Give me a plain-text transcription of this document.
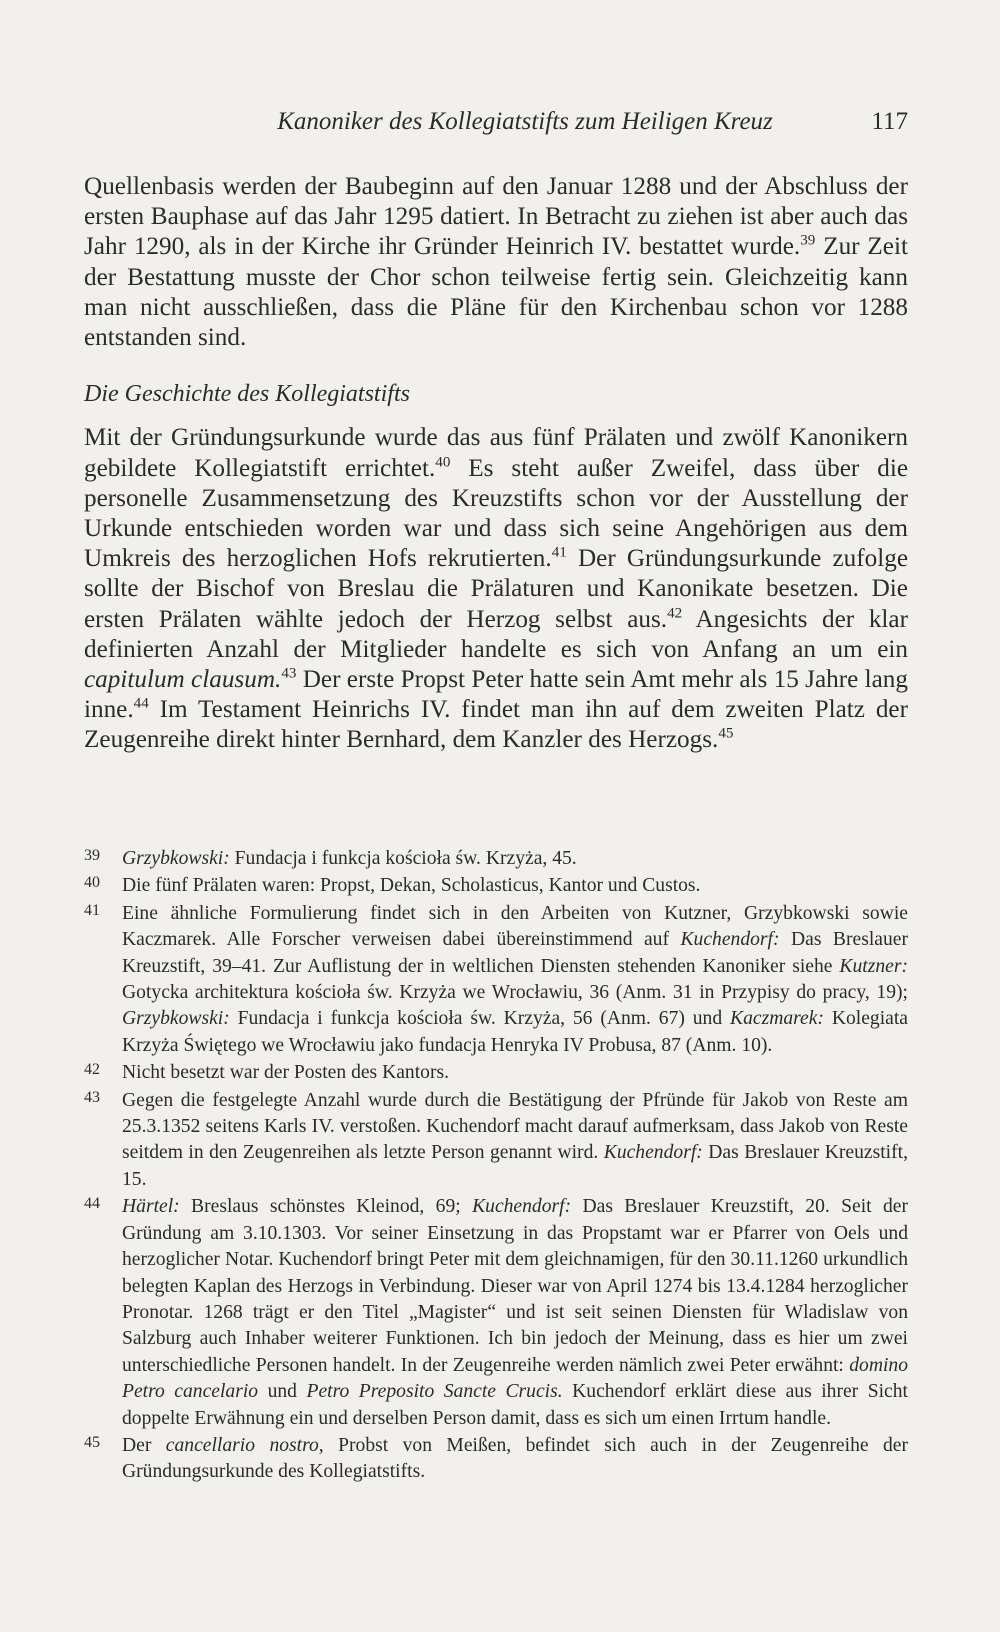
Kanoniker des Kollegiatstifts zum Heiligen Kreuz	117

Quellenbasis werden der Baubeginn auf den Januar 1288 und der Abschluss der ersten Bauphase auf das Jahr 1295 datiert. In Betracht zu ziehen ist aber auch das Jahr 1290, als in der Kirche ihr Gründer Heinrich IV. bestattet wurde.$^{39}$ Zur Zeit der Bestattung musste der Chor schon teilweise fertig sein. Gleichzeitig kann man nicht ausschließen, dass die Pläne für den Kirchenbau schon vor 1288 entstanden sind.

Die Geschichte des Kollegiatstifts

Mit der Gründungsurkunde wurde das aus fünf Prälaten und zwölf Kanonikern gebildete Kollegiatstift errichtet.$^{40}$ Es steht außer Zweifel, dass über die personelle Zusammensetzung des Kreuzstifts schon vor der Ausstellung der Urkunde entschieden worden war und dass sich seine Angehörigen aus dem Umkreis des herzoglichen Hofs rekrutierten.$^{41}$ Der Gründungsurkunde zufolge sollte der Bischof von Breslau die Prälaturen und Kanonikate besetzen. Die ersten Prälaten wählte jedoch der Herzog selbst aus.$^{42}$ Angesichts der klar definierten Anzahl der Mitglieder handelte es sich von Anfang an um ein capitulum clausum.$^{43}$ Der erste Propst Peter hatte sein Amt mehr als 15 Jahre lang inne.$^{44}$ Im Testament Heinrichs IV. findet man ihn auf dem zweiten Platz der Zeugenreihe direkt hinter Bernhard, dem Kanzler des Herzogs.$^{45}$

39 Grzybkowski: Fundacja i funkcja kościoła św. Krzyża, 45.
40 Die fünf Prälaten waren: Propst, Dekan, Scholasticus, Kantor und Custos.
41 Eine ähnliche Formulierung findet sich in den Arbeiten von Kutzner, Grzybkowski sowie Kaczmarek. Alle Forscher verweisen dabei übereinstimmend auf Kuchendorf: Das Breslauer Kreuzstift, 39–41. Zur Auflistung der in weltlichen Diensten stehenden Kanoniker siehe Kutzner: Gotycka architektura kościoła św. Krzyża we Wrocławiu, 36 (Anm. 31 in Przypisy do pracy, 19); Grzybkowski: Fundacja i funkcja kościoła św. Krzyża, 56 (Anm. 67) und Kaczmarek: Kolegiata Krzyża Świętego we Wrocławiu jako fundacja Henryka IV Probusa, 87 (Anm. 10).
42 Nicht besetzt war der Posten des Kantors.
43 Gegen die festgelegte Anzahl wurde durch die Bestätigung der Pfründe für Jakob von Reste am 25.3.1352 seitens Karls IV. verstoßen. Kuchendorf macht darauf aufmerksam, dass Jakob von Reste seitdem in den Zeugenreihen als letzte Person genannt wird. Kuchendorf: Das Breslauer Kreuzstift, 15.
44 Härtel: Breslaus schönstes Kleinod, 69; Kuchendorf: Das Breslauer Kreuzstift, 20. Seit der Gründung am 3.10.1303. Vor seiner Einsetzung in das Propstamt war er Pfarrer von Oels und herzoglicher Notar. Kuchendorf bringt Peter mit dem gleichnamigen, für den 30.11.1260 urkundlich belegten Kaplan des Herzogs in Verbindung. Dieser war von April 1274 bis 13.4.1284 herzoglicher Pronotar. 1268 trägt er den Titel „Magister“ und ist seit seinen Diensten für Wladislaw von Salzburg auch Inhaber weiterer Funktionen. Ich bin jedoch der Meinung, dass es hier um zwei unterschiedliche Personen handelt. In der Zeugenreihe werden nämlich zwei Peter erwähnt: domino Petro cancelario und Petro Preposito Sancte Crucis. Kuchendorf erklärt diese aus ihrer Sicht doppelte Erwähnung ein und derselben Person damit, dass es sich um einen Irrtum handle.
45 Der cancellario nostro, Probst von Meißen, befindet sich auch in der Zeugenreihe der Gründungsurkunde des Kollegiatstifts.
